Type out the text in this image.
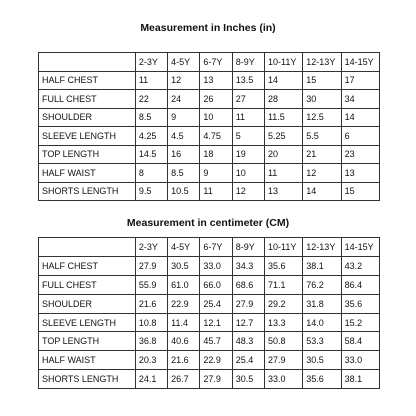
Measurement in Inches (in)
	2-3Y	4-5Y	6-7Y	8-9Y	10-11Y	12-13Y	14-15Y
HALF CHEST	11	12	13	13.5	14	15	17
FULL CHEST	22	24	26	27	28	30	34
SHOULDER	8.5	9	10	11	11.5	12.5	14
SLEEVE LENGTH	4.25	4.5	4.75	5	5.25	5.5	6
TOP LENGTH	14.5	16	18	19	20	21	23
HALF WAIST	8	8.5	9	10	11	12	13
SHORTS LENGTH	9.5	10.5	11	12	13	14	15
Measurement in centimeter (CM)
	2-3Y	4-5Y	6-7Y	8-9Y	10-11Y	12-13Y	14-15Y
HALF CHEST	27.9	30.5	33.0	34.3	35.6	38.1	43.2
FULL CHEST	55.9	61.0	66.0	68.6	71.1	76.2	86.4
SHOULDER	21.6	22.9	25.4	27.9	29.2	31.8	35.6
SLEEVE LENGTH	10.8	11.4	12.1	12.7	13.3	14.0	15.2
TOP LENGTH	36.8	40.6	45.7	48.3	50.8	53.3	58.4
HALF WAIST	20.3	21.6	22.9	25.4	27.9	30.5	33.0
SHORTS LENGTH	24.1	26.7	27.9	30.5	33.0	35.6	38.1
